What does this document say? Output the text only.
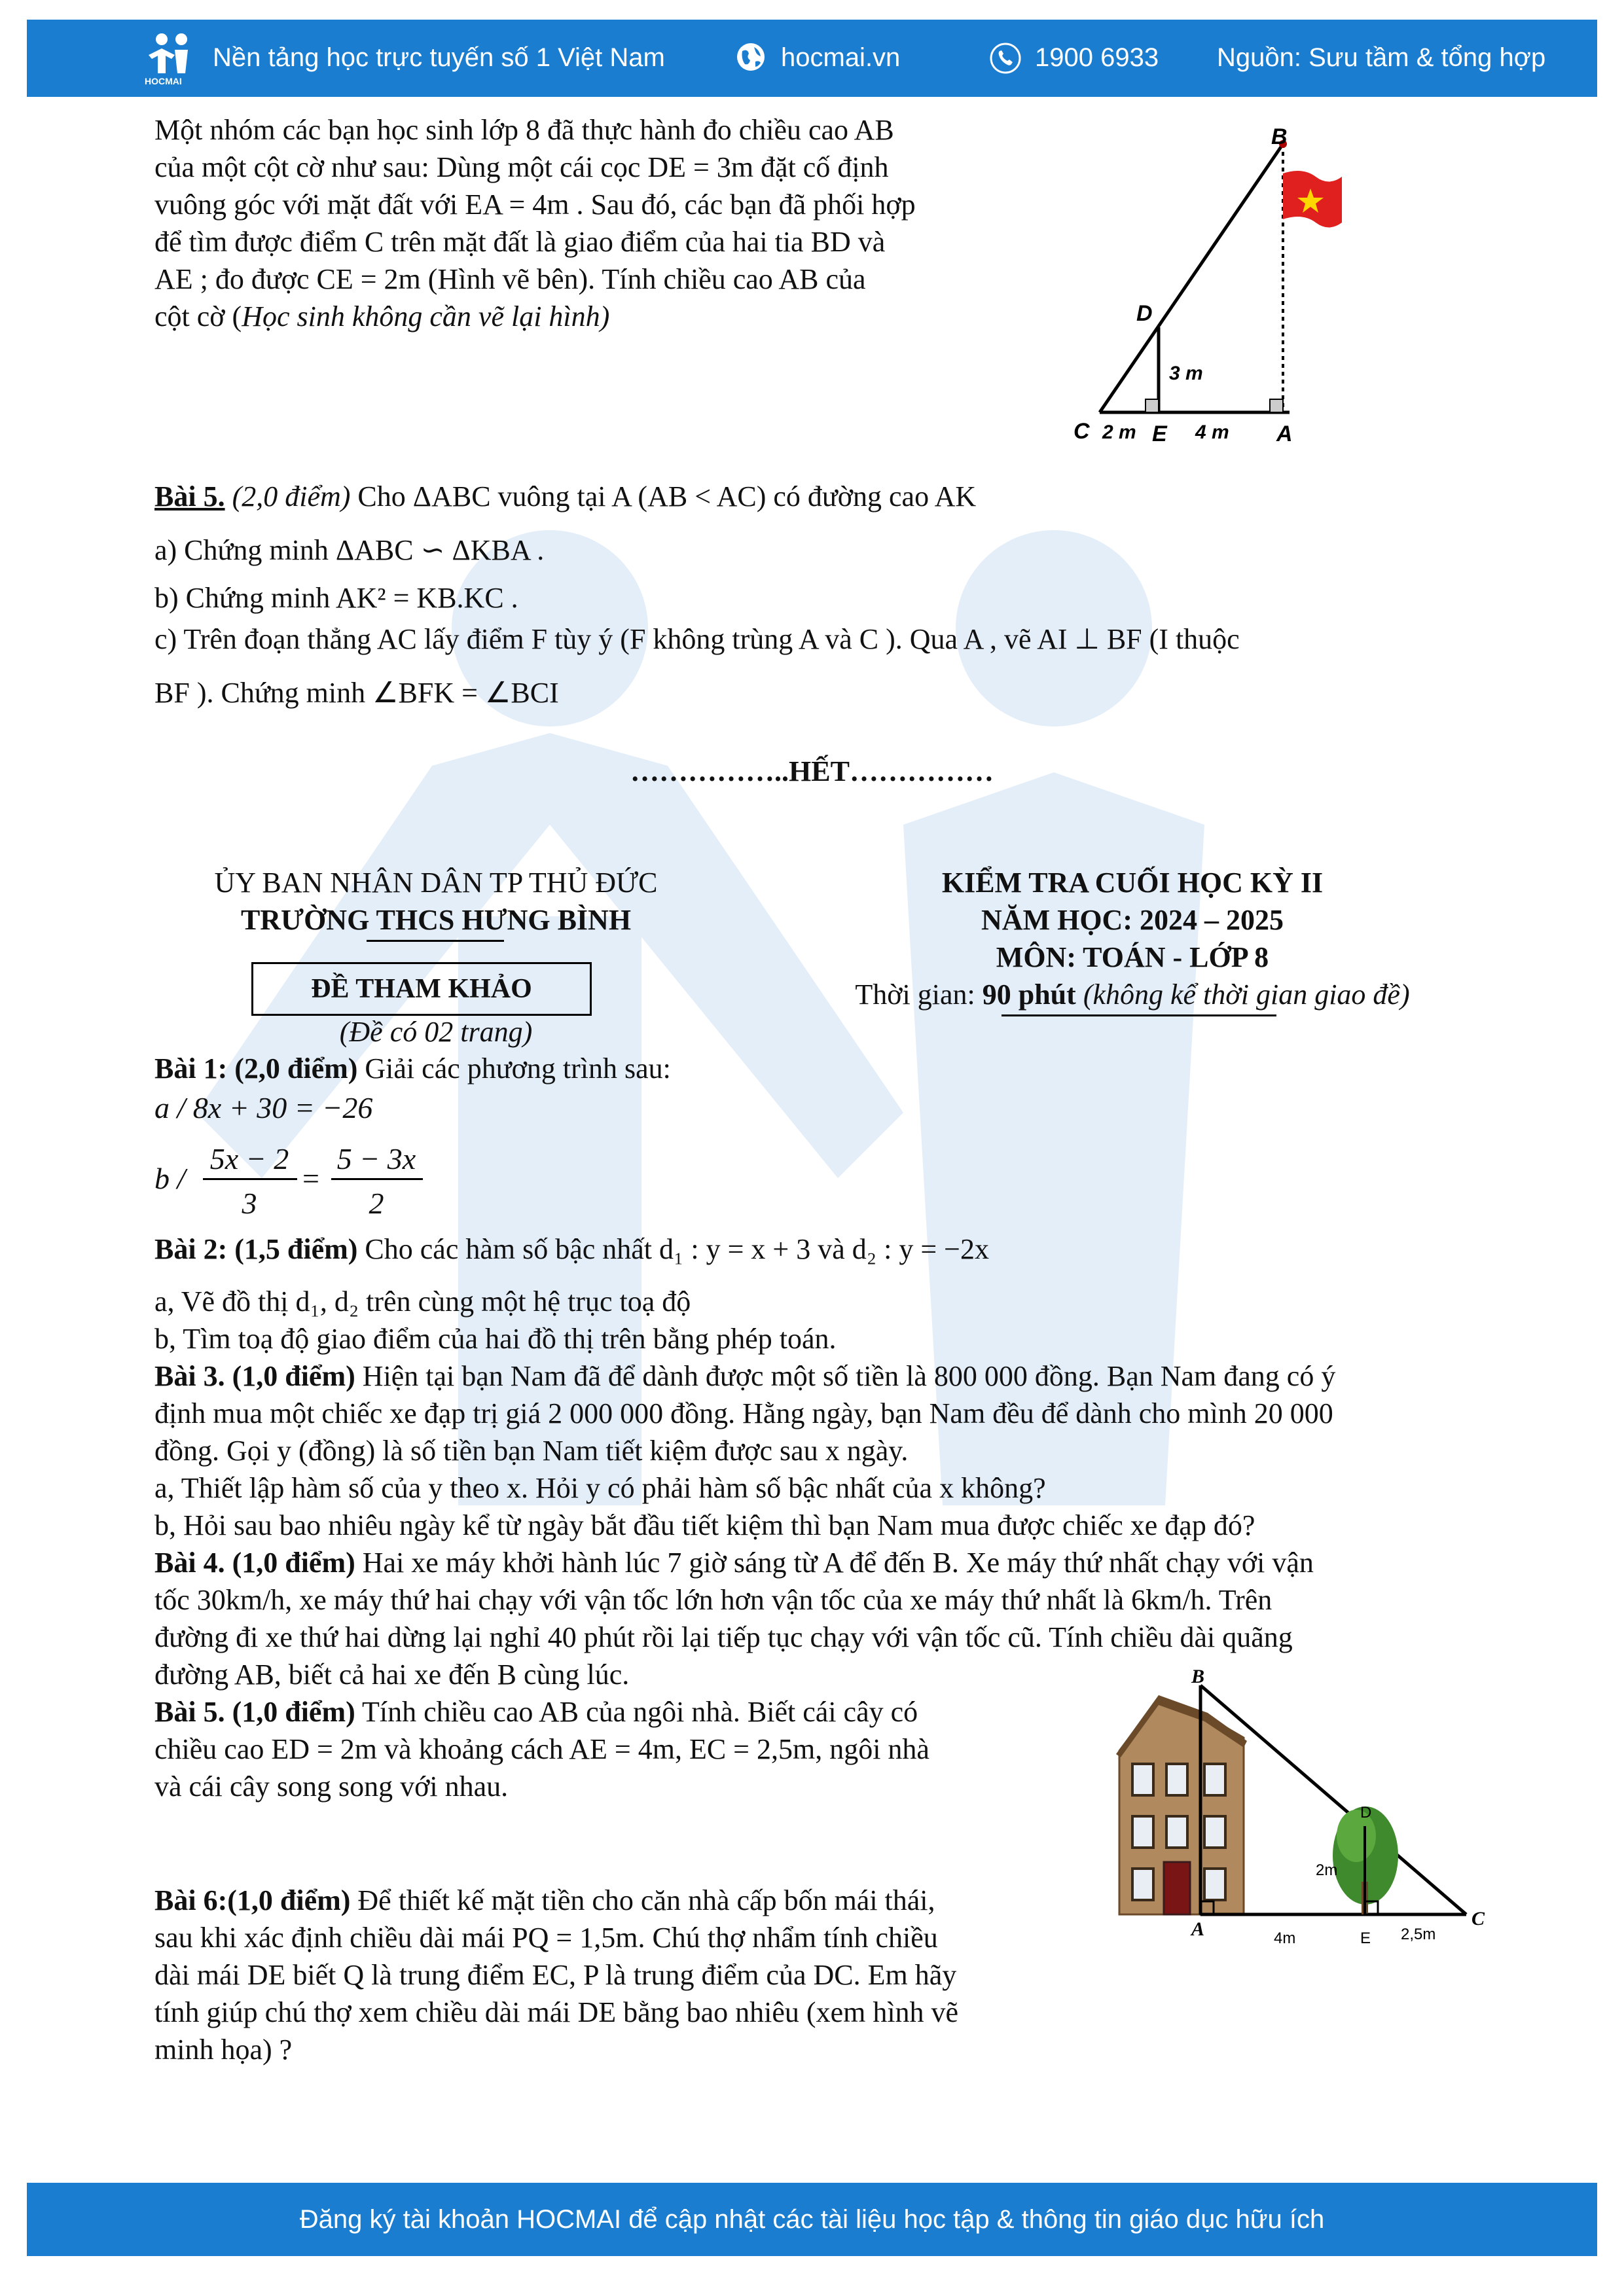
HOCMAI
Nền tảng học trực tuyến số 1 Việt Nam	hocmai.vn	1900 6933 Nguồn: Sưu tầm & tổng hợp
Một nhóm các bạn học sinh lớp 8 đã thực hành đo chiều cao AB
của một cột cờ như sau: Dùng một cái cọc DE = 3m đặt cố định
vuông góc với mặt đất với EA = 4m . Sau đó, các bạn đã phối hợp
để tìm được điểm C trên mặt đất là giao điểm của hai tia BD và
AE ; đo được CE = 2m (Hình vẽ bên). Tính chiều cao AB của
cột cờ (Học sinh không cần vẽ lại hình)
B
D
3 m
C 2 m E 4 m A
Bài 5. (2,0 điểm) Cho ΔABC vuông tại A (AB < AC) có đường cao AK
a) Chứng minh ΔABC ∽ ΔKBA .
b) Chứng minh AK² = KB.KC .
c) Trên đoạn thẳng AC lấy điểm F tùy ý (F không trùng A và C ). Qua A , vẽ AI ⊥ BF (I thuộc
BF ). Chứng minh ∠BFK = ∠BCI
……………..HẾT……………
ỦY BAN NHÂN DÂN TP THỦ ĐỨC
TRƯỜNG THCS HƯNG BÌNH
ĐỀ THAM KHẢO
(Đề có 02 trang)
KIỂM TRA CUỐI HỌC KỲ II
NĂM HỌC: 2024 – 2025
MÔN: TOÁN - LỚP 8
Thời gian: 90 phút (không kể thời gian giao đề)
Bài 1: (2,0 điểm) Giải các phương trình sau:
a / 8x + 30 = −26
b /
5x − 2
3
=
5 − 3x
2
Bài 2: (1,5 điểm) Cho các hàm số bậc nhất d₁ : y = x + 3 và d₂ : y = −2x
a, Vẽ đồ thị d₁, d₂ trên cùng một hệ trục toạ độ
b, Tìm toạ độ giao điểm của hai đồ thị trên bằng phép toán.
Bài 3. (1,0 điểm) Hiện tại bạn Nam đã để dành được một số tiền là 800 000 đồng. Bạn Nam đang có ý
định mua một chiếc xe đạp trị giá 2 000 000 đồng. Hằng ngày, bạn Nam đều để dành cho mình 20 000
đồng. Gọi y (đồng) là số tiền bạn Nam tiết kiệm được sau x ngày.
a, Thiết lập hàm số của y theo x. Hỏi y có phải hàm số bậc nhất của x không?
b, Hỏi sau bao nhiêu ngày kể từ ngày bắt đầu tiết kiệm thì bạn Nam mua được chiếc xe đạp đó?
Bài 4. (1,0 điểm) Hai xe máy khởi hành lúc 7 giờ sáng từ A để đến B. Xe máy thứ nhất chạy với vận
tốc 30km/h, xe máy thứ hai chạy với vận tốc lớn hơn vận tốc của xe máy thứ nhất là 6km/h. Trên
đường đi xe thứ hai dừng lại nghỉ 40 phút rồi lại tiếp tục chạy với vận tốc cũ. Tính chiều dài quãng
đường AB, biết cả hai xe đến B cùng lúc.
Bài 5. (1,0 điểm) Tính chiều cao AB của ngôi nhà. Biết cái cây có
chiều cao ED = 2m và khoảng cách AE = 4m, EC = 2,5m, ngôi nhà
và cái cây song song với nhau.
B
D
2m
A	4m	E 2,5m
C
Bài 6:(1,0 điểm) Để thiết kế mặt tiền cho căn nhà cấp bốn mái thái,
sau khi xác định chiều dài mái PQ = 1,5m. Chú thợ nhẩm tính chiều
dài mái DE biết Q là trung điểm EC, P là trung điểm của DC. Em hãy
tính giúp chú thợ xem chiều dài mái DE bằng bao nhiêu (xem hình vẽ
minh họa) ?
Đăng ký tài khoản HOCMAI để cập nhật các tài liệu học tập & thông tin giáo dục hữu ích
